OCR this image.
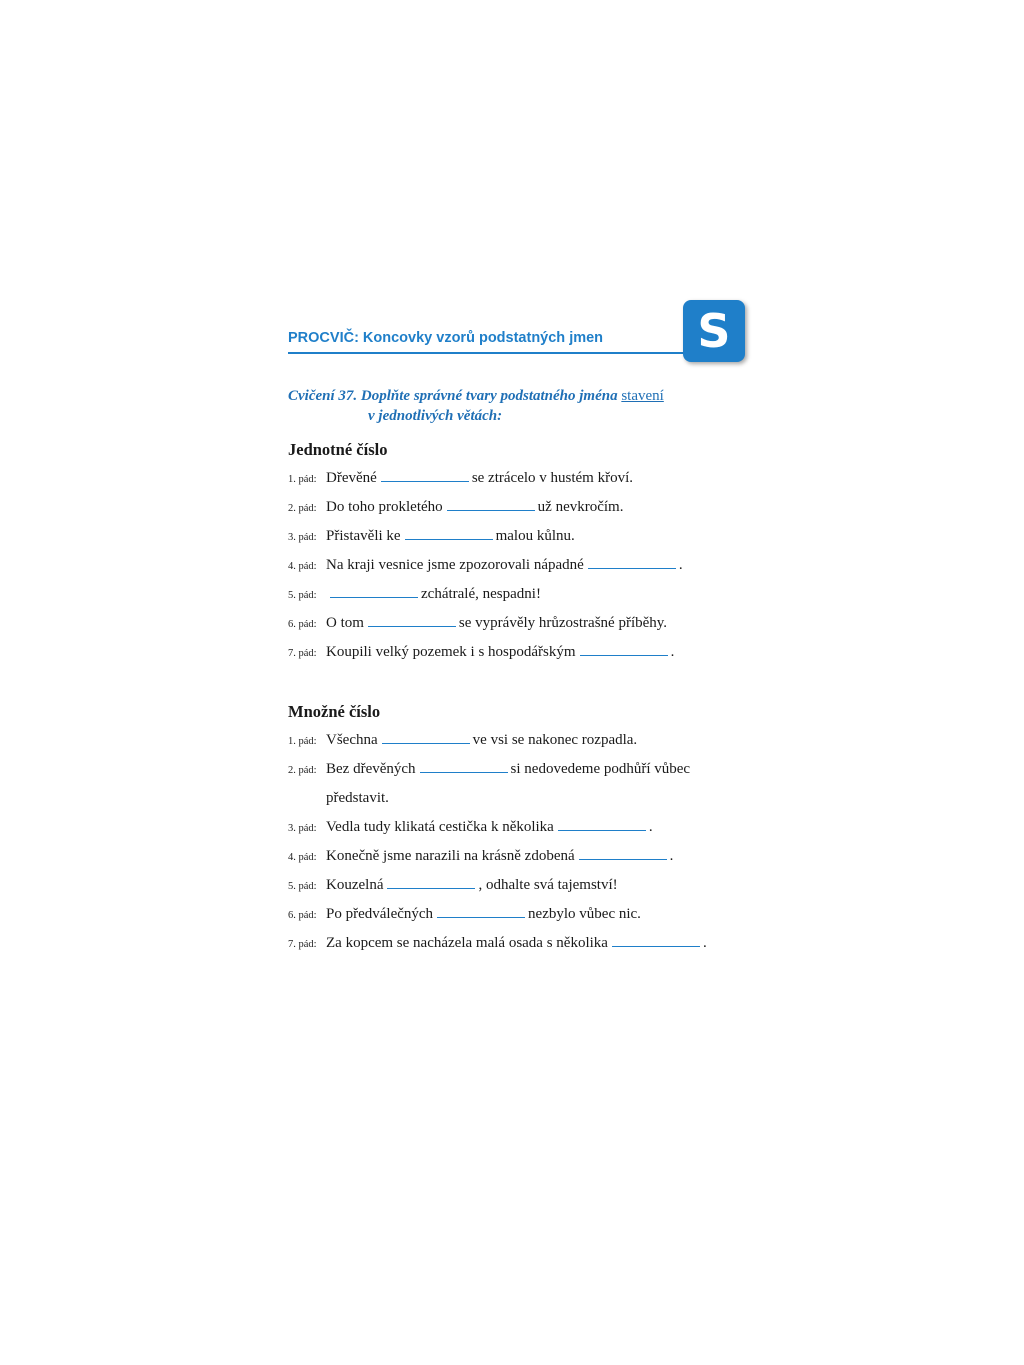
PROCVIČ: Koncovky vzorů podstatných jmen	S
Cvičení 37. Doplňte správné tvary podstatného jména stavení
v jednotlivých větách:
Jednotné číslo
1. pád: Dřevěné	se ztrácelo v hustém křoví.
2. pád: Do toho prokletého	už nevkročím.
3. pád: Přistavěli ke	malou kůlnu.
4. pád: Na kraji vesnice jsme zpozorovali nápadné	.
5. pád:	zchátralé, nespadni!
6. pád: O tom	se vyprávěly hrůzostrašné příběhy.
7. pád: Koupili velký pozemek i s hospodářským	.
Množné číslo
1. pád: Všechna	ve vsi se nakonec rozpadla.
2. pád: Bez dřevěných	si nedovedeme podhůří vůbec
představit.
3. pád: Vedla tudy klikatá cestička k několika	.
4. pád: Konečně jsme narazili na krásně zdobená	.
5. pád: Kouzelná	, odhalte svá tajemství!
6. pád: Po předválečných	nezbylo vůbec nic.
7. pád: Za kopcem se nacházela malá osada s několika	.
